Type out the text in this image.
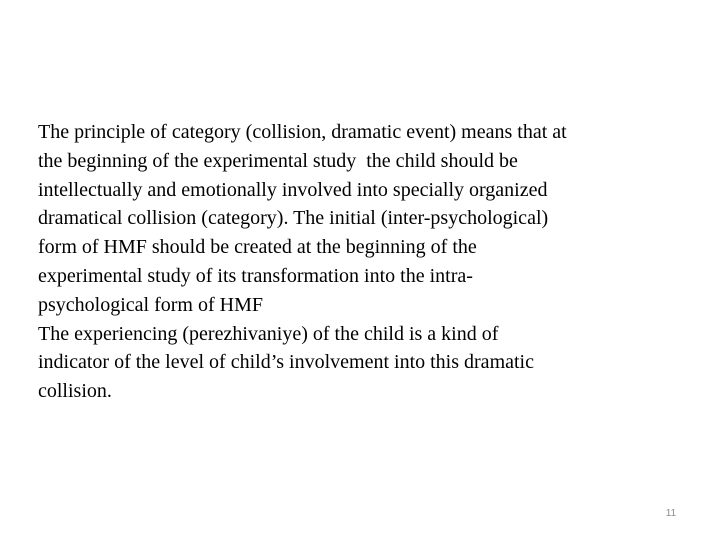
The principle of category (collision, dramatic event) means that at
the beginning of the experimental study  the child should be
intellectually and emotionally involved into specially organized
dramatical collision (category). The initial (inter-psychological)
form of HMF should be created at the beginning of the
experimental study of its transformation into the intra-
psychological form of HMF
The experiencing (perezhivaniye) of the child is a kind of
indicator of the level of child’s involvement into this dramatic
collision.
11
